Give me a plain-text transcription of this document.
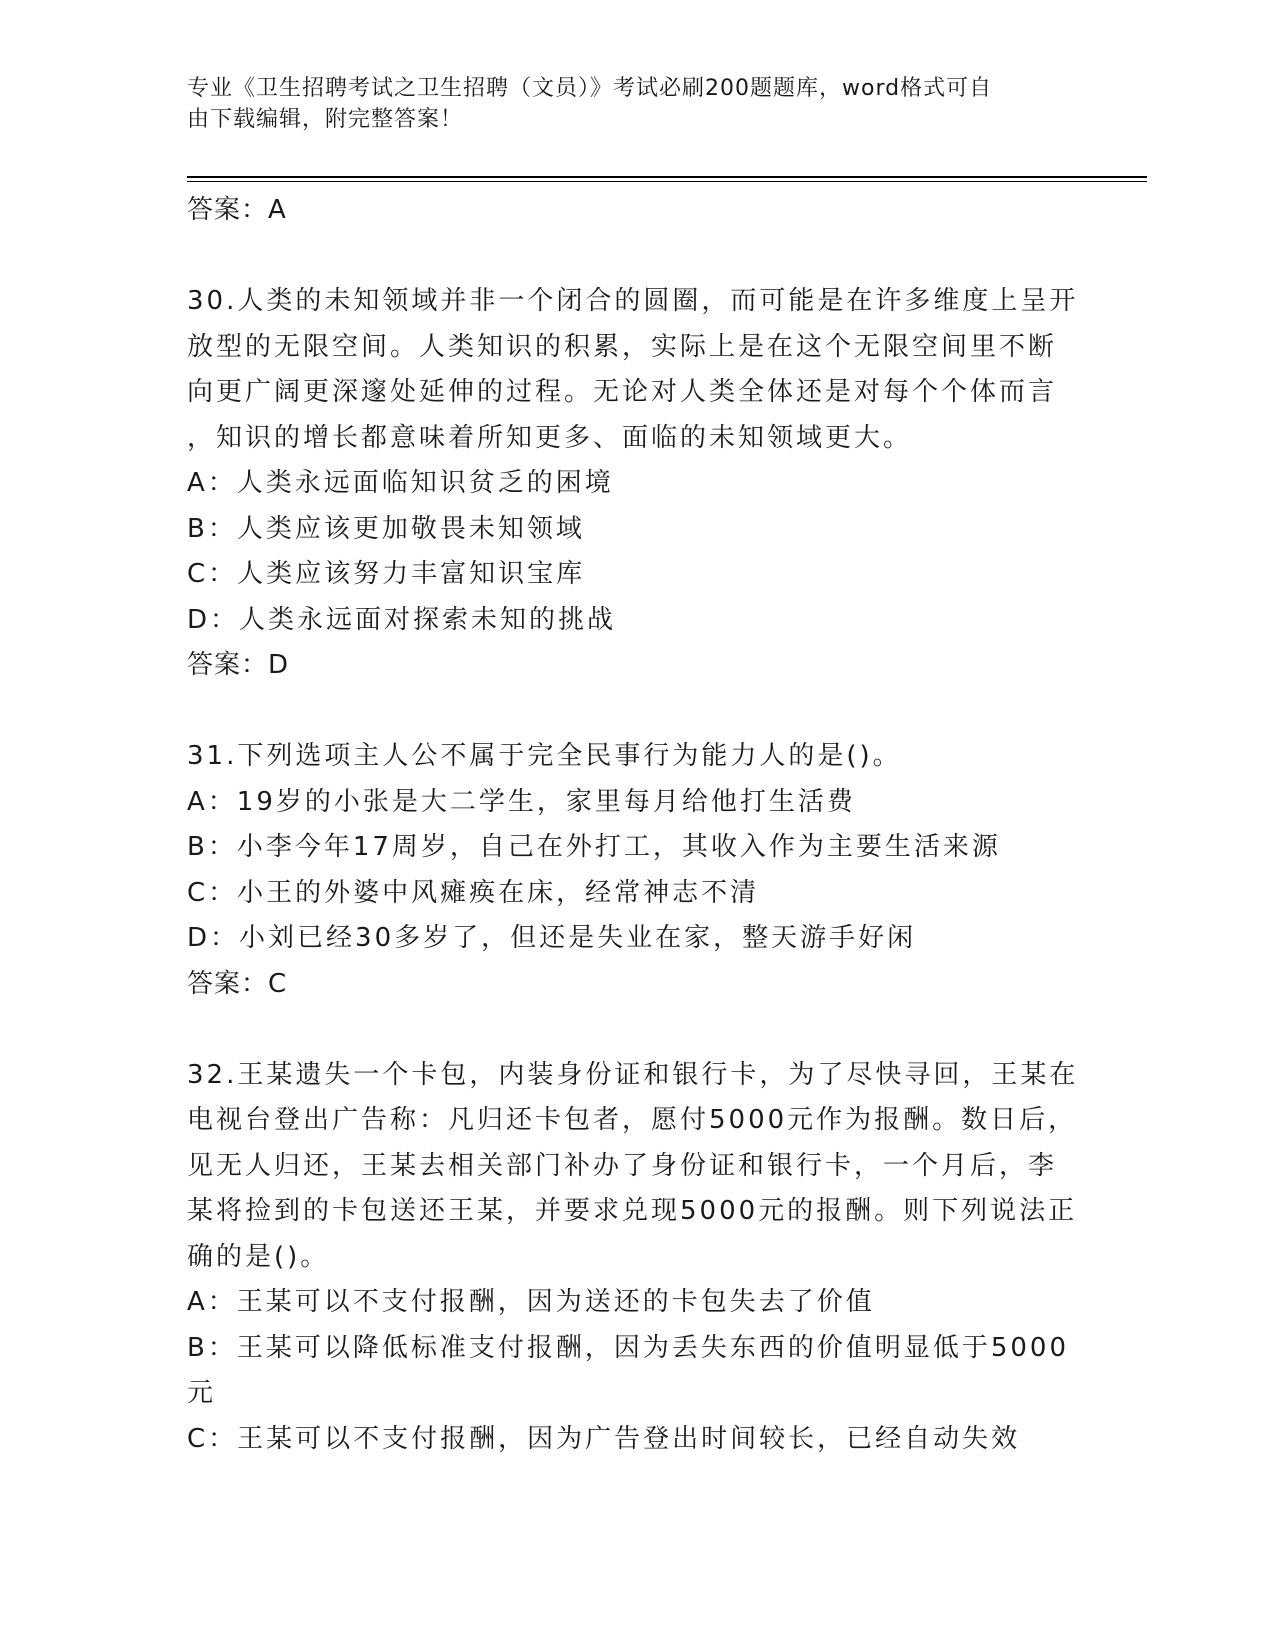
专业《卫生招聘考试之卫生招聘（文员）》考试必刷200题题库，word格式可自
由下载编辑，附完整答案！
答案：A
30.人类的未知领域并非一个闭合的圆圈，而可能是在许多维度上呈开
放型的无限空间。人类知识的积累，实际上是在这个无限空间里不断
向更广阔更深邃处延伸的过程。无论对人类全体还是对每个个体而言
，知识的增长都意味着所知更多、面临的未知领域更大。
A：人类永远面临知识贫乏的困境
B：人类应该更加敬畏未知领域
C：人类应该努力丰富知识宝库
D：人类永远面对探索未知的挑战
答案：D
31.下列选项主人公不属于完全民事行为能力人的是()。
A：19岁的小张是大二学生，家里每月给他打生活费
B：小李今年17周岁，自己在外打工，其收入作为主要生活来源
C：小王的外婆中风瘫痪在床，经常神志不清
D：小刘已经30多岁了，但还是失业在家，整天游手好闲
答案：C
32.王某遗失一个卡包，内装身份证和银行卡，为了尽快寻回，王某在
电视台登出广告称：凡归还卡包者，愿付5000元作为报酬。数日后，
见无人归还，王某去相关部门补办了身份证和银行卡，一个月后，李
某将捡到的卡包送还王某，并要求兑现5000元的报酬。则下列说法正
确的是()。
A：王某可以不支付报酬，因为送还的卡包失去了价值
B：王某可以降低标准支付报酬，因为丢失东西的价值明显低于5000
元
C：王某可以不支付报酬，因为广告登出时间较长，已经自动失效
